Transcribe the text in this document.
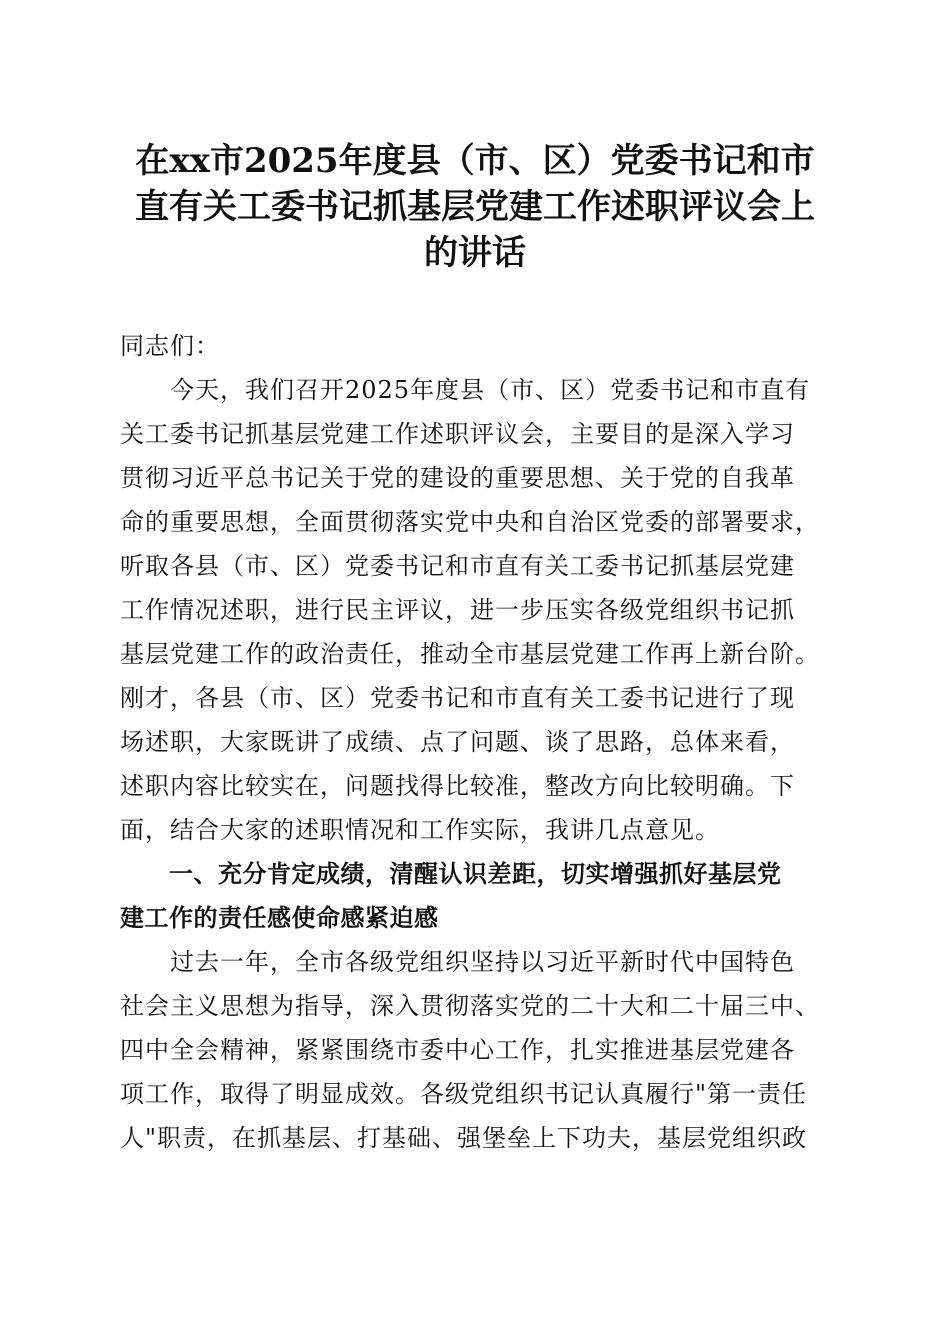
在xx市2025年度县（市、区）党委书记和市
直有关工委书记抓基层党建工作述职评议会上
的讲话
同志们：
　　今天，我们召开2025年度县（市、区）党委书记和市直有
关工委书记抓基层党建工作述职评议会，主要目的是深入学习
贯彻习近平总书记关于党的建设的重要思想、关于党的自我革
命的重要思想，全面贯彻落实党中央和自治区党委的部署要求，
听取各县（市、区）党委书记和市直有关工委书记抓基层党建
工作情况述职，进行民主评议，进一步压实各级党组织书记抓
基层党建工作的政治责任，推动全市基层党建工作再上新台阶。
刚才，各县（市、区）党委书记和市直有关工委书记进行了现
场述职，大家既讲了成绩、点了问题、谈了思路，总体来看，
述职内容比较实在，问题找得比较准，整改方向比较明确。下
面，结合大家的述职情况和工作实际，我讲几点意见。
　　一、充分肯定成绩，清醒认识差距，切实增强抓好基层党
建工作的责任感使命感紧迫感
　　过去一年，全市各级党组织坚持以习近平新时代中国特色
社会主义思想为指导，深入贯彻落实党的二十大和二十届三中、
四中全会精神，紧紧围绕市委中心工作，扎实推进基层党建各
项工作，取得了明显成效。各级党组织书记认真履行"第一责任
人"职责，在抓基层、打基础、强堡垒上下功夫，基层党组织政
